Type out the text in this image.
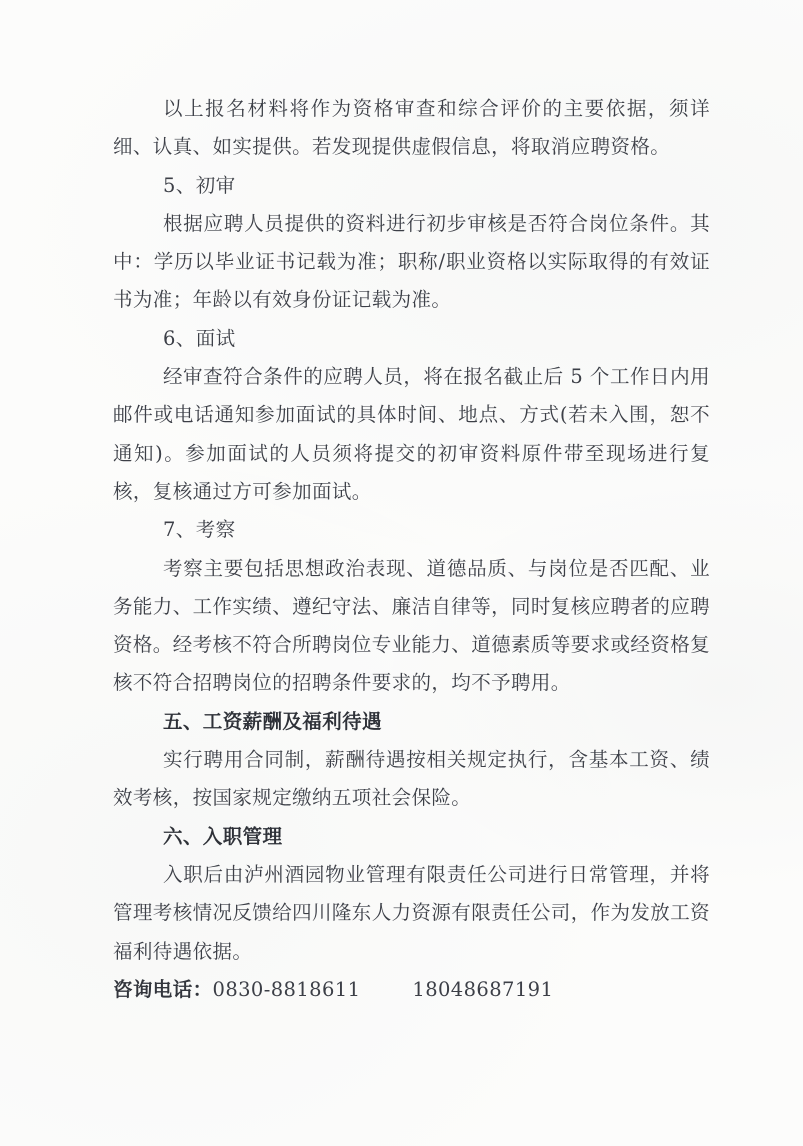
以上报名材料将作为资格审查和综合评价的主要依据，须详细、认真、如实提供。若发现提供虚假信息，将取消应聘资格。

5、初审

根据应聘人员提供的资料进行初步审核是否符合岗位条件。其中：学历以毕业证书记载为准；职称/职业资格以实际取得的有效证书为准；年龄以有效身份证记载为准。

6、面试

经审查符合条件的应聘人员，将在报名截止后 5 个工作日内用邮件或电话通知参加面试的具体时间、地点、方式(若未入围，恕不通知)。参加面试的人员须将提交的初审资料原件带至现场进行复核，复核通过方可参加面试。

7、考察

考察主要包括思想政治表现、道德品质、与岗位是否匹配、业务能力、工作实绩、遵纪守法、廉洁自律等，同时复核应聘者的应聘资格。经考核不符合所聘岗位专业能力、道德素质等要求或经资格复核不符合招聘岗位的招聘条件要求的，均不予聘用。

五、工资薪酬及福利待遇

实行聘用合同制，薪酬待遇按相关规定执行，含基本工资、绩效考核，按国家规定缴纳五项社会保险。

六、入职管理

入职后由泸州酒园物业管理有限责任公司进行日常管理，并将管理考核情况反馈给四川隆东人力资源有限责任公司，作为发放工资福利待遇依据。

咨询电话：0830-8818611	18048687191
